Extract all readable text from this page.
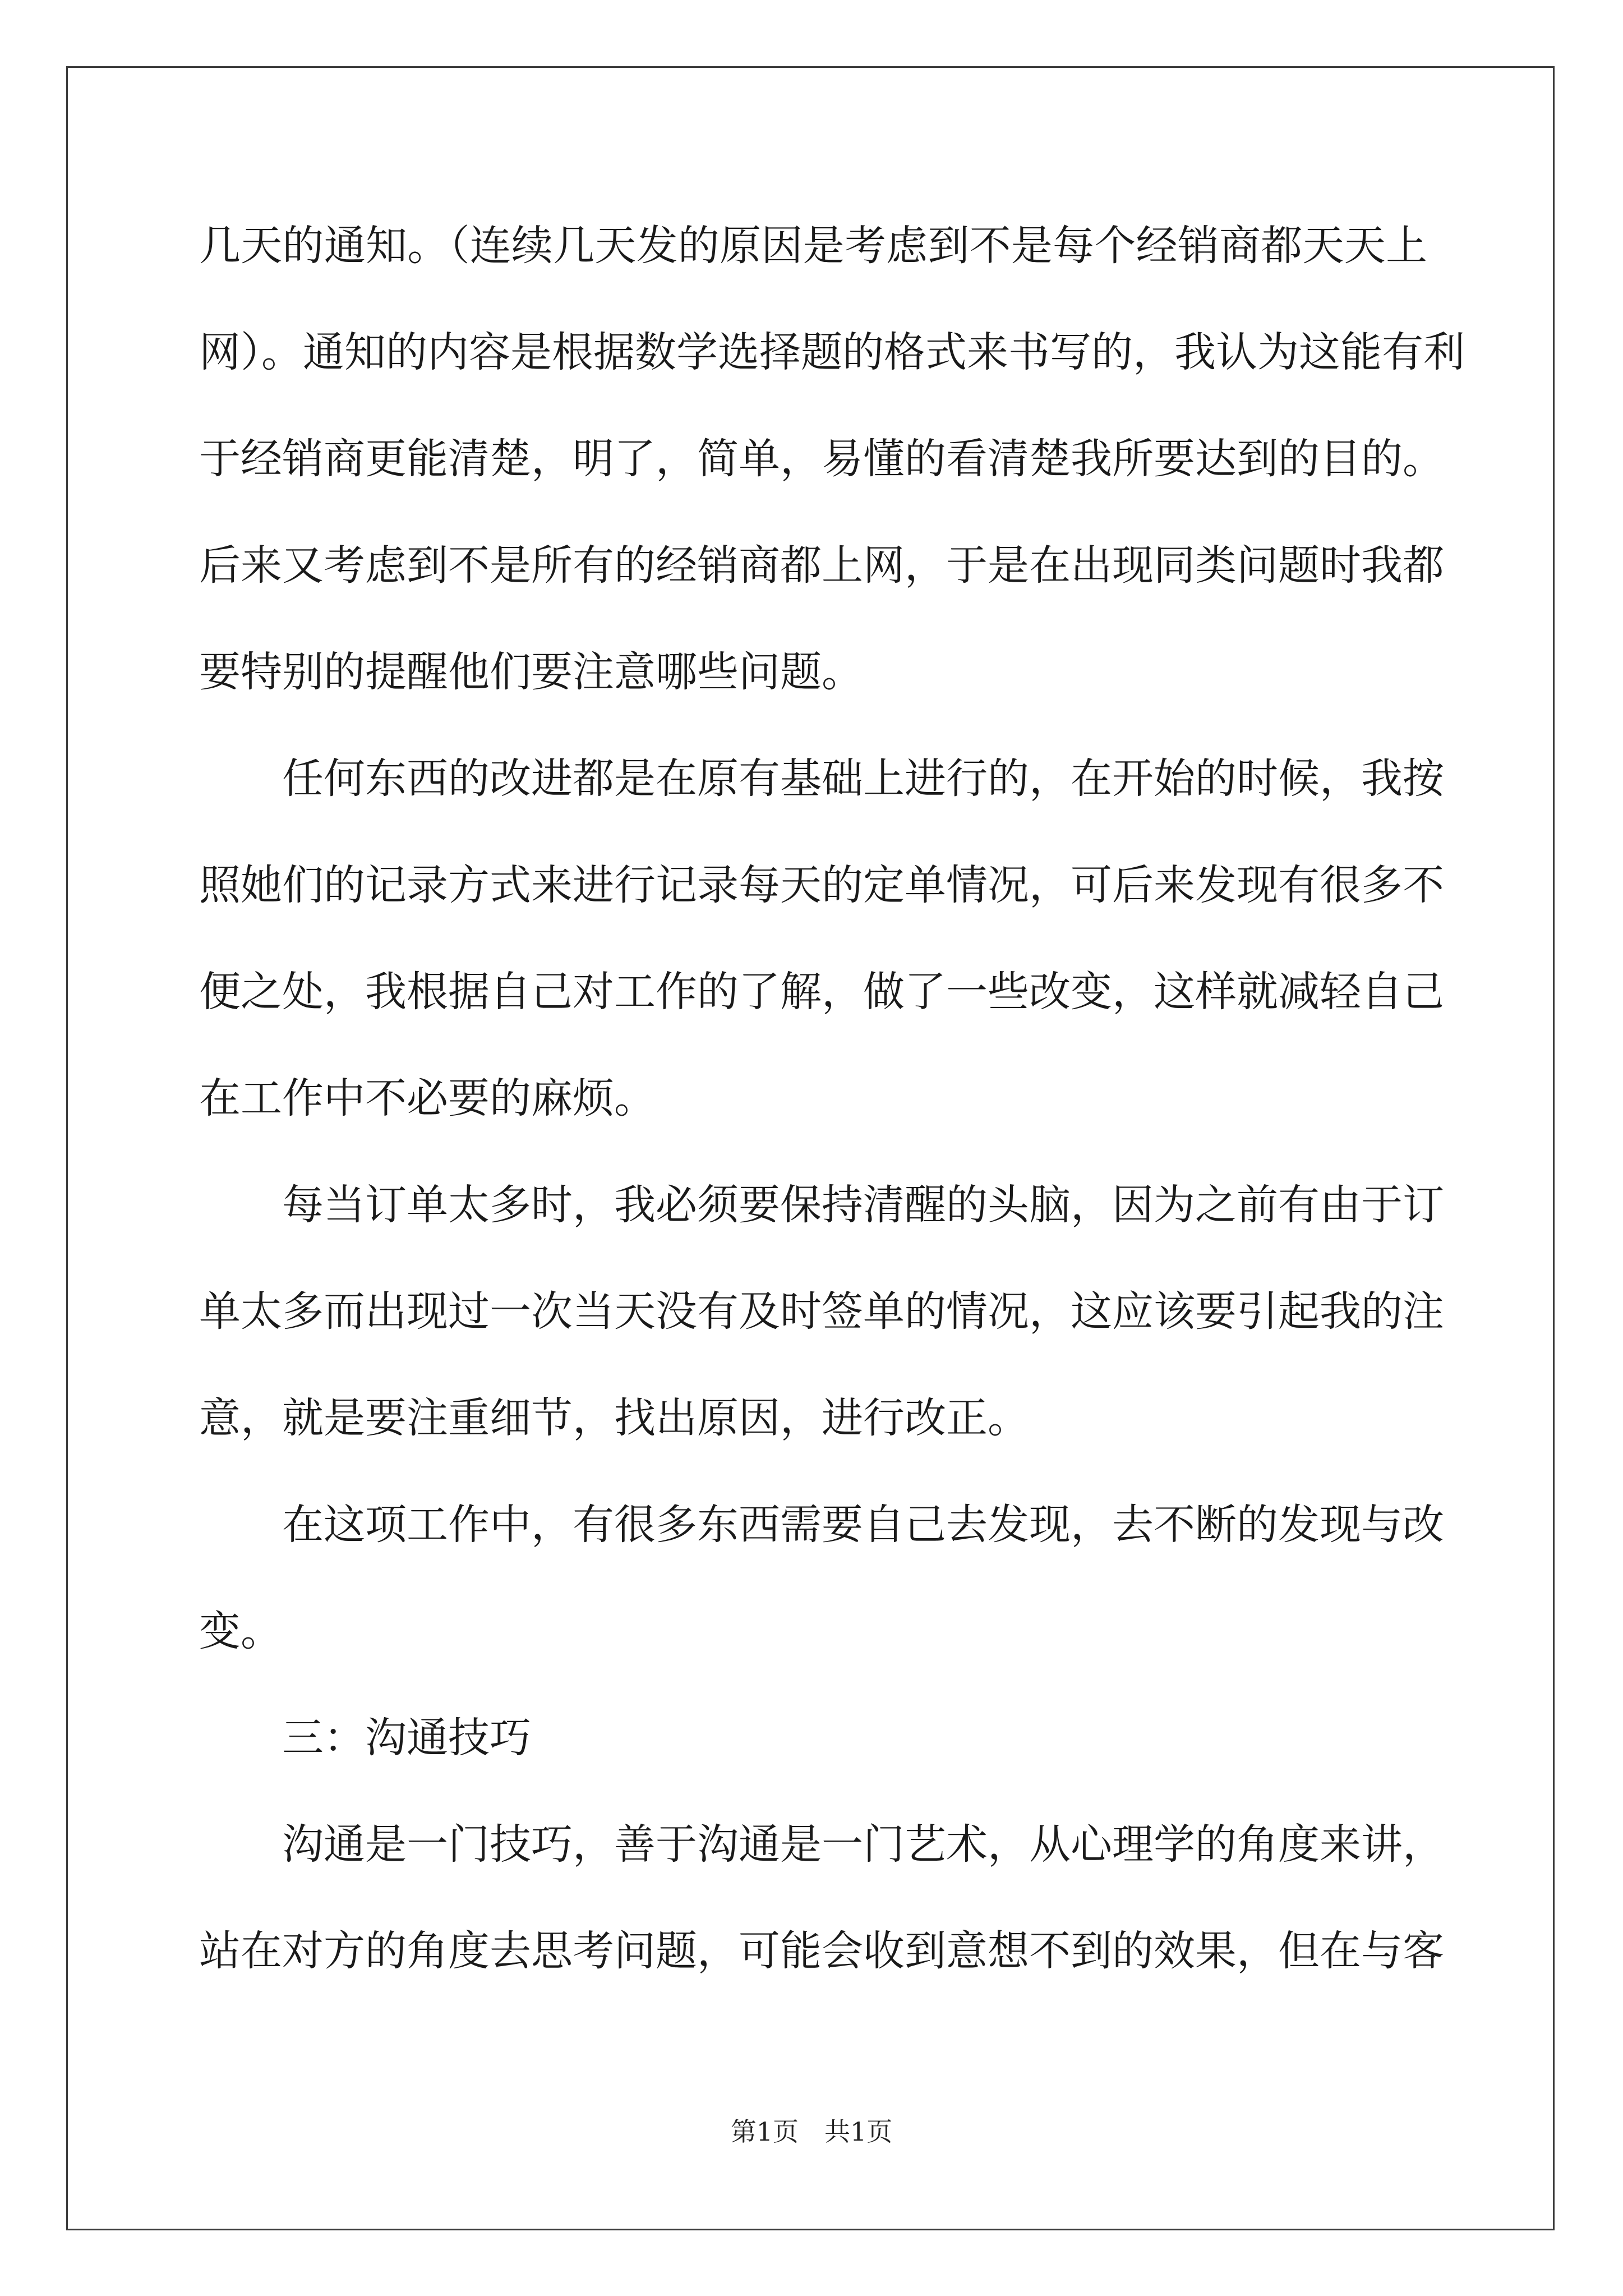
几天的通知。（连续几天发的原因是考虑到不是每个经销商都天天上
网）。通知的内容是根据数学选择题的格式来书写的，我认为这能有利
于经销商更能清楚，明了，简单，易懂的看清楚我所要达到的目的。
后来又考虑到不是所有的经销商都上网，于是在出现同类问题时我都
要特别的提醒他们要注意哪些问题。
任何东西的改进都是在原有基础上进行的，在开始的时候，我按
照她们的记录方式来进行记录每天的定单情况，可后来发现有很多不
便之处，我根据自己对工作的了解，做了一些改变，这样就减轻自己
在工作中不必要的麻烦。
每当订单太多时，我必须要保持清醒的头脑，因为之前有由于订
单太多而出现过一次当天没有及时签单的情况，这应该要引起我的注
意，就是要注重细节，找出原因，进行改正。
在这项工作中，有很多东西需要自己去发现，去不断的发现与改
变。
三：沟通技巧
沟通是一门技巧，善于沟通是一门艺术，从心理学的角度来讲，
站在对方的角度去思考问题，可能会收到意想不到的效果，但在与客
第1页　共1页
